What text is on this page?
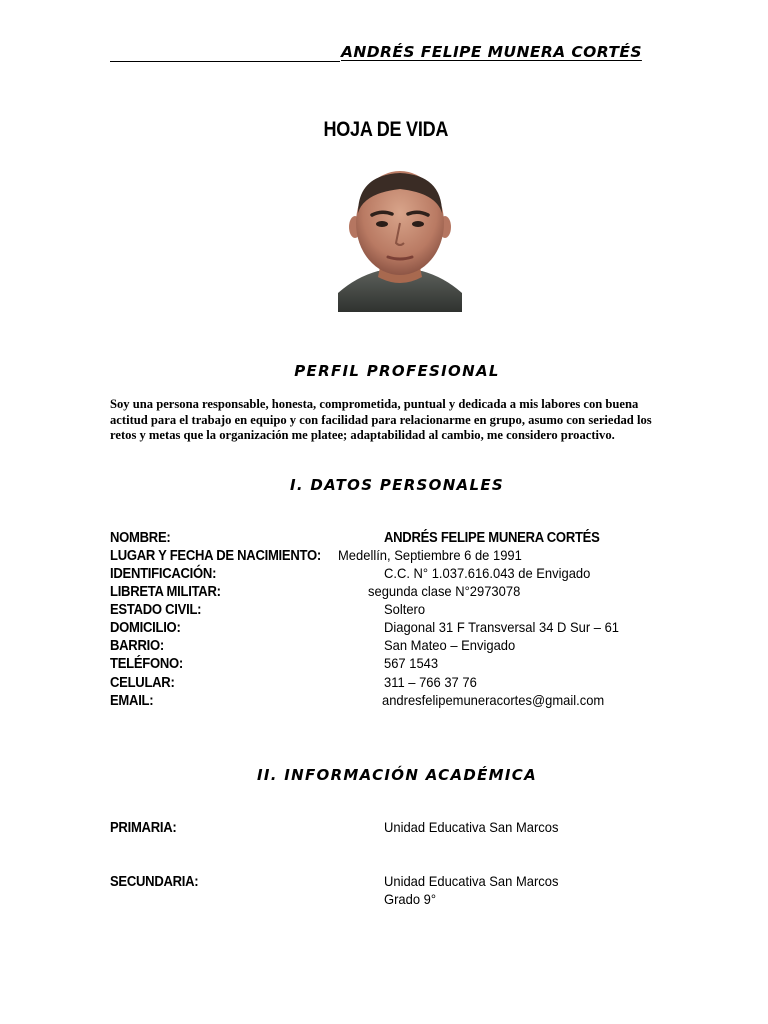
ANDRÉS FELIPE MUNERA CORTÉS
HOJA DE VIDA
PERFIL PROFESIONAL
Soy una persona responsable, honesta, comprometida, puntual y dedicada a mis labores con buena actitud para el trabajo en equipo y con facilidad para relacionarme en grupo, asumo con seriedad los retos y metas que la organización me platee; adaptabilidad al cambio, me considero proactivo.
I. DATOS PERSONALES
NOMBRE:	ANDRÉS FELIPE MUNERA CORTÉS
LUGAR Y FECHA DE NACIMIENTO: Medellín, Septiembre 6 de 1991
IDENTIFICACIÓN:	C.C. N° 1.037.616.043 de Envigado
LIBRETA MILITAR:	segunda clase N°2973078
ESTADO CIVIL:	Soltero
DOMICILIO:	Diagonal 31 F Transversal 34 D Sur – 61
BARRIO:	San Mateo – Envigado
TELÉFONO:	567 1543
CELULAR:	311 – 766 37 76
EMAIL:	andresfelipemuneracortes@gmail.com
II. INFORMACIÓN ACADÉMICA
PRIMARIA:	Unidad Educativa San Marcos
SECUNDARIA:	Unidad Educativa San Marcos
Grado 9°
